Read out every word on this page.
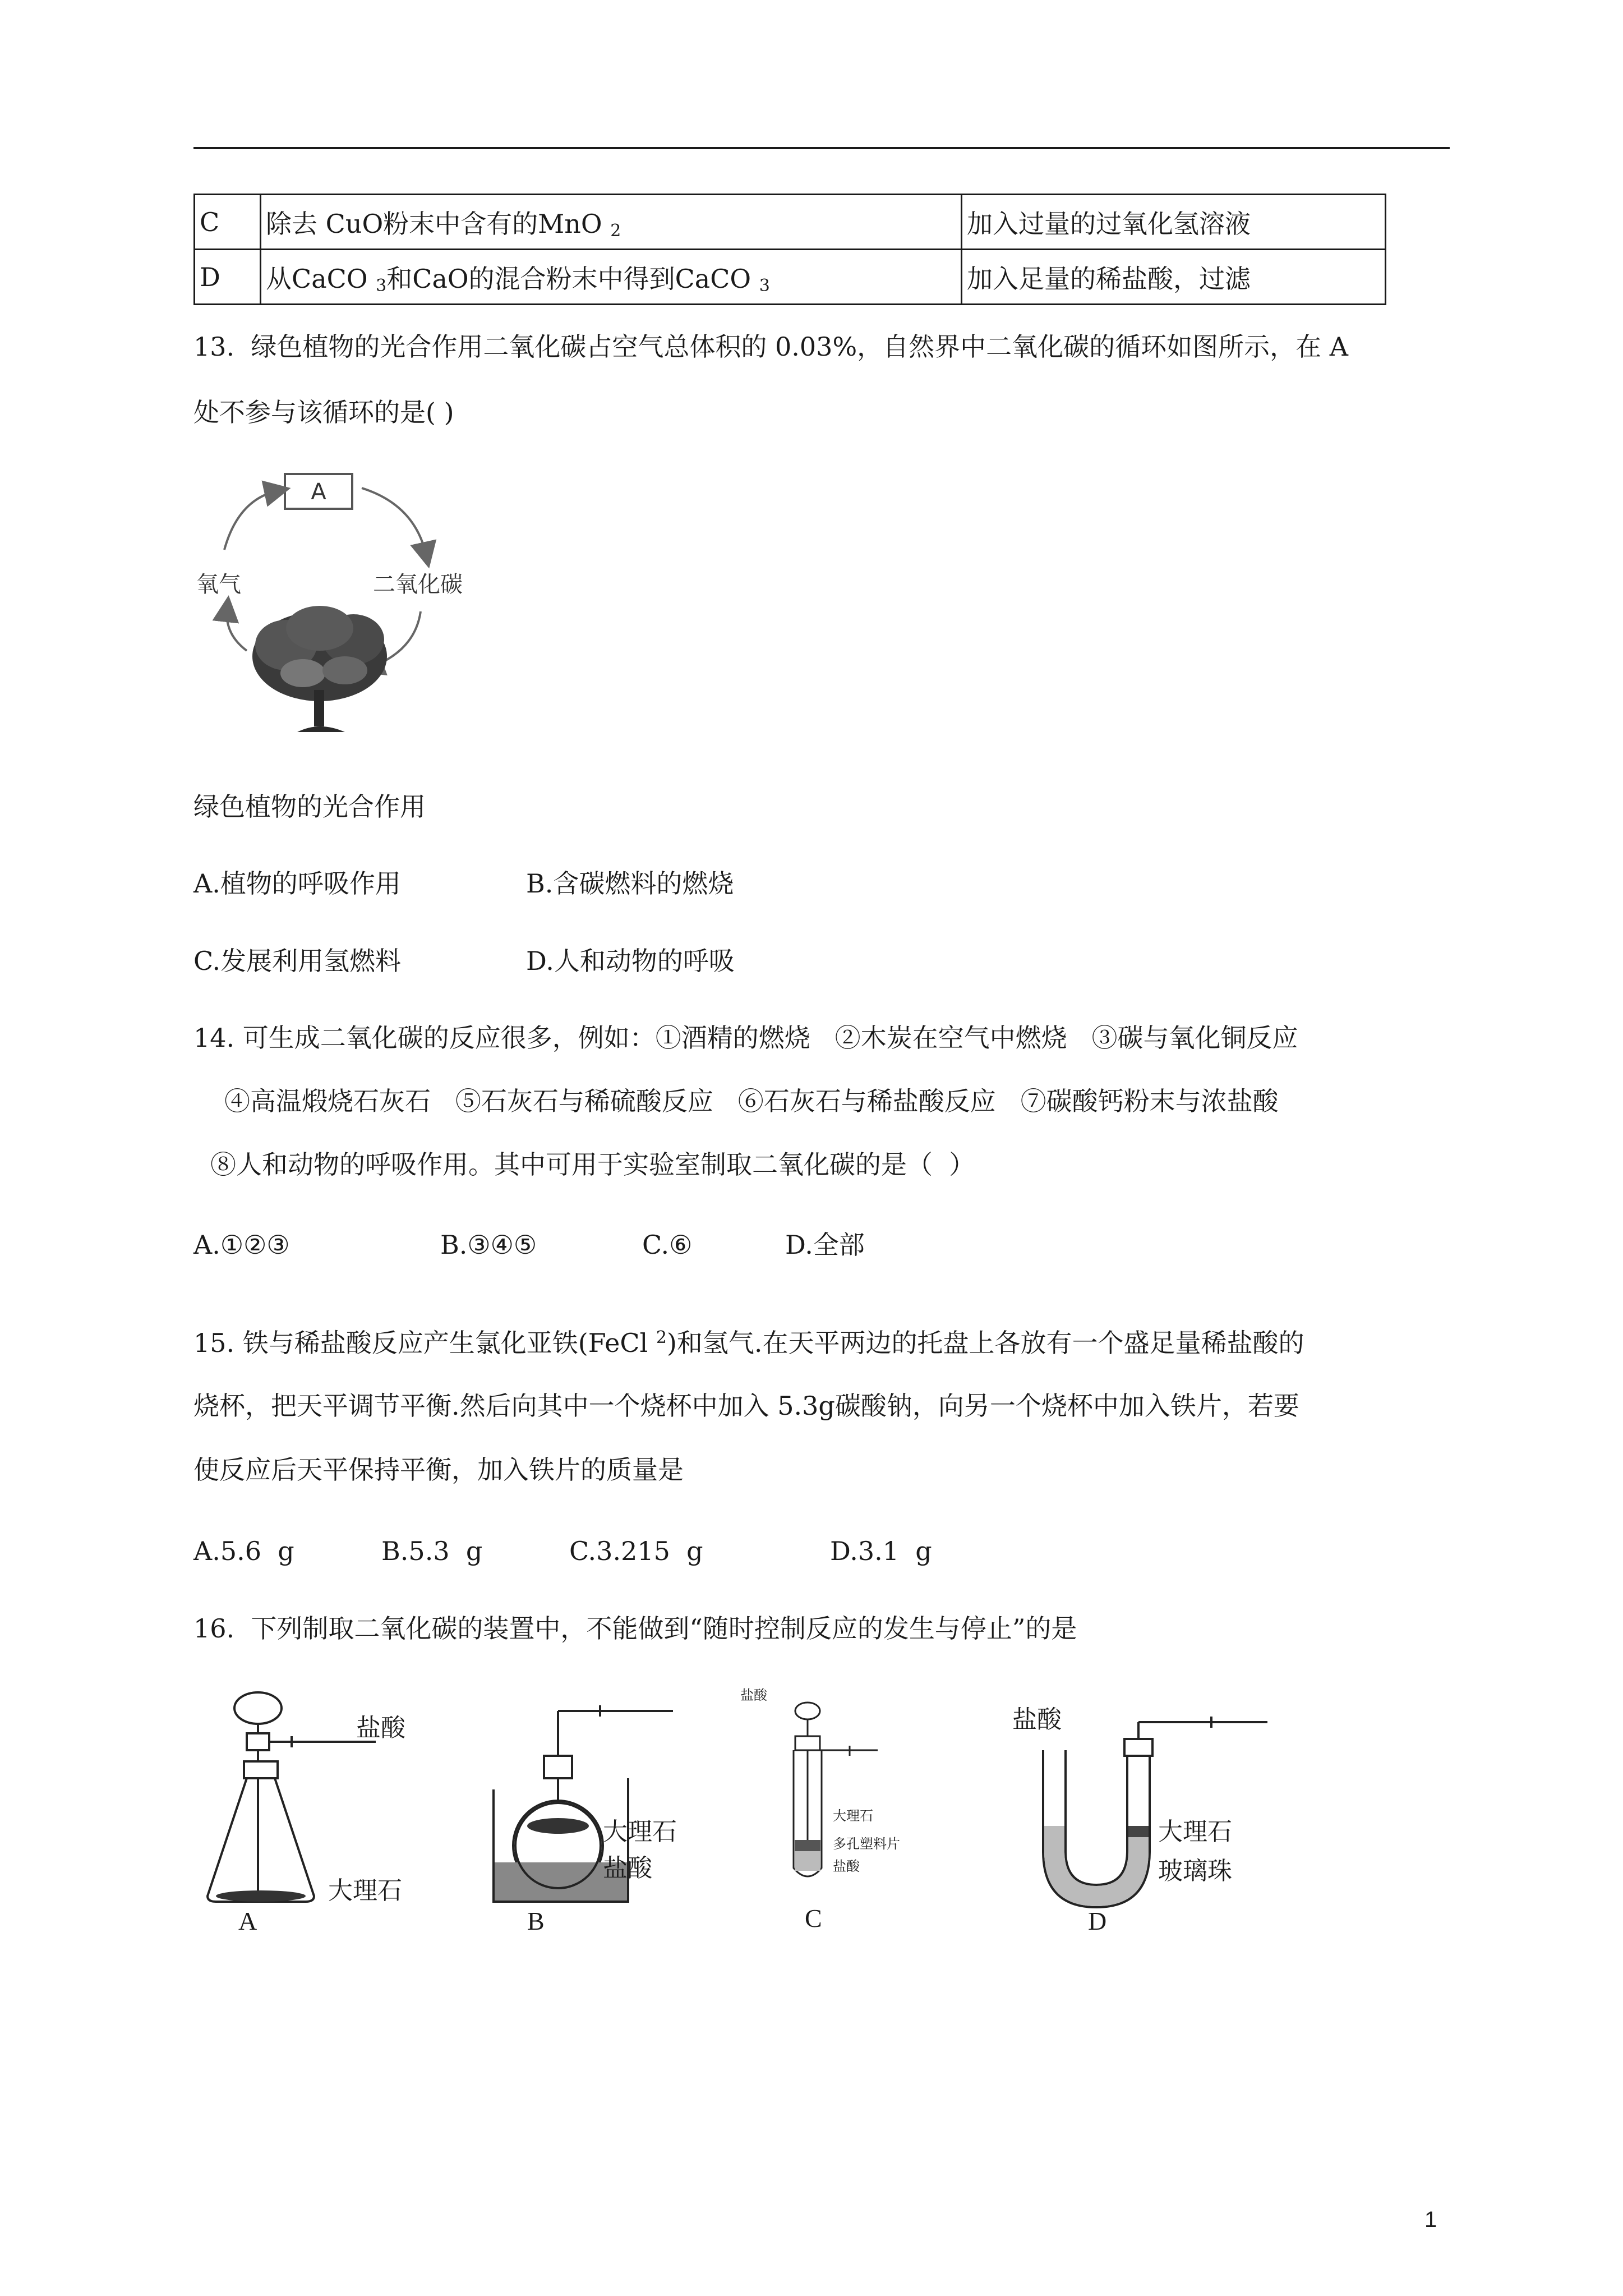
C	除去 CuO粉末中含有的MnO $_2$	加入过量的过氧化氢溶液
D	从CaCO $_3$和CaO的混合粉末中得到CaCO $_3$	加入足量的稀盐酸，过滤
13.  绿色植物的光合作用二氧化碳占空气总体积的 0.03%，自然界中二氧化碳的循环如图所示，在 A
处不参与该循环的是( )
A
氧气	二氧化碳
绿色植物的光合作用
A.植物的呼吸作用	B.含碳燃料的燃烧
C.发展利用氢燃料	D.人和动物的呼吸
14. 可生成二氧化碳的反应很多，例如：①酒精的燃烧   ②木炭在空气中燃烧   ③碳与氧化铜反应
④高温煅烧石灰石   ⑤石灰石与稀硫酸反应   ⑥石灰石与稀盐酸反应   ⑦碳酸钙粉末与浓盐酸
⑧人和动物的呼吸作用。其中可用于实验室制取二氧化碳的是（  ）
A.①②③	B.③④⑤	C.⑥	D.全部
15. 铁与稀盐酸反应产生氯化亚铁(FeCl $^2$)和氢气.在天平两边的托盘上各放有一个盛足量稀盐酸的
烧杯，把天平调节平衡.然后向其中一个烧杯中加入 5.3g碳酸钠，向另一个烧杯中加入铁片，若要
使反应后天平保持平衡，加入铁片的质量是
A.5.6  g	B.5.3  g	C.3.215  g	D.3.1  g
16.  下列制取二氧化碳的装置中，不能做到“随时控制反应的发生与停止”的是
盐酸
大理石
A
大理石
盐酸
B
盐酸
大理石
多孔塑料片
盐酸
C
盐酸
大理石
玻璃珠
D
1
